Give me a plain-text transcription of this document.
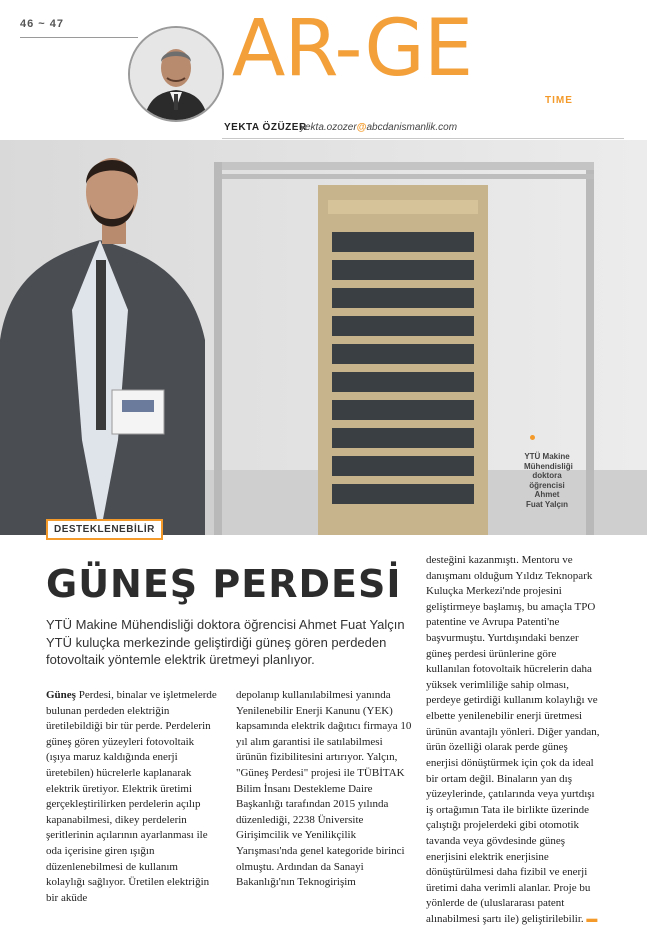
46 ~ 47 AR-GE
TIME
YEKTA ÖZÜZER
yekta.ozozer@abcdanismanlik.com
YTÜ Makine
Mühendisliği
doktora
öğrencisi
Ahmet
Fuat Yalçın
DESTEKLENEBİLİR
GÜNEŞ PERDESİ
YTÜ Makine Mühendisliği doktora öğrencisi Ahmet Fuat Yalçın YTÜ kuluçka merkezinde geliştirdiği güneş gören perdeden fotovoltaik yöntemle elektrik üretmeyi planlıyor.
Güneş Perdesi, binalar ve işletmelerde bulunan perdeden elektriğin üretilebildiği bir tür perde. Perdelerin güneş gören yüzeyleri fotovoltaik (ışıya maruz kaldığında enerji üretebilen) hücrelerle kaplanarak elektrik üretiyor. Elektrik üretimi gerçekleştirilirken perdelerin açılıp kapanabilmesi, dikey perdelerin şeritlerinin açılarının ayarlanması ile oda içerisine giren ışığın düzenlenebilmesi de kullanım kolaylığı sağlıyor. Üretilen elektriğin bir aküde
depolanıp kullanılabilmesi yanında Yenilenebilir Enerji Kanunu (YEK) kapsamında elektrik dağıtıcı firmaya 10 yıl alım garantisi ile satılabilmesi ürünün fizibilitesini artırıyor. Yalçın, "Güneş Perdesi" projesi ile TÜBİTAK Bilim İnsanı Destekleme Daire Başkanlığı tarafından 2015 yılında düzenlediği, 2238 Üniversite Girişimcilik ve Yenilikçilik Yarışması'nda genel kategoride birinci olmuştu. Ardından da Sanayi Bakanlığı'nın Teknogirişim
desteğini kazanmıştı. Mentoru ve danışmanı olduğum Yıldız Teknopark Kuluçka Merkezi'nde projesini geliştirmeye başlamış, bu amaçla TPO patentine ve Avrupa Patenti'ne başvurmuştu. Yurtdışındaki benzer güneş perdesi ürünlerine göre kullanılan fotovoltaik hücrelerin daha yüksek verimliliğe sahip olması, perdeye getirdiği kullanım kolaylığı ve elbette yenilenebilir enerji üretmesi ürünün avantajlı yönleri. Diğer yandan, ürün özelliği olarak perde güneş enerjisi dönüştürmek için çok da ideal bir ortam değil. Binaların yan dış yüzeylerinde, çatılarında veya yurtdışı iş ortağımın Tata ile birlikte üzerinde çalıştığı projelerdeki gibi otomotik tavanda veya gövdesinde güneş enerjisini elektrik enerjisine dönüştürülmesi daha fizibil ve enerji üretimi daha verimli alanlar. Proje bu yönlerde de (uluslararası patent alınabilmesi şartı ile) geliştirilebilir. ▬
